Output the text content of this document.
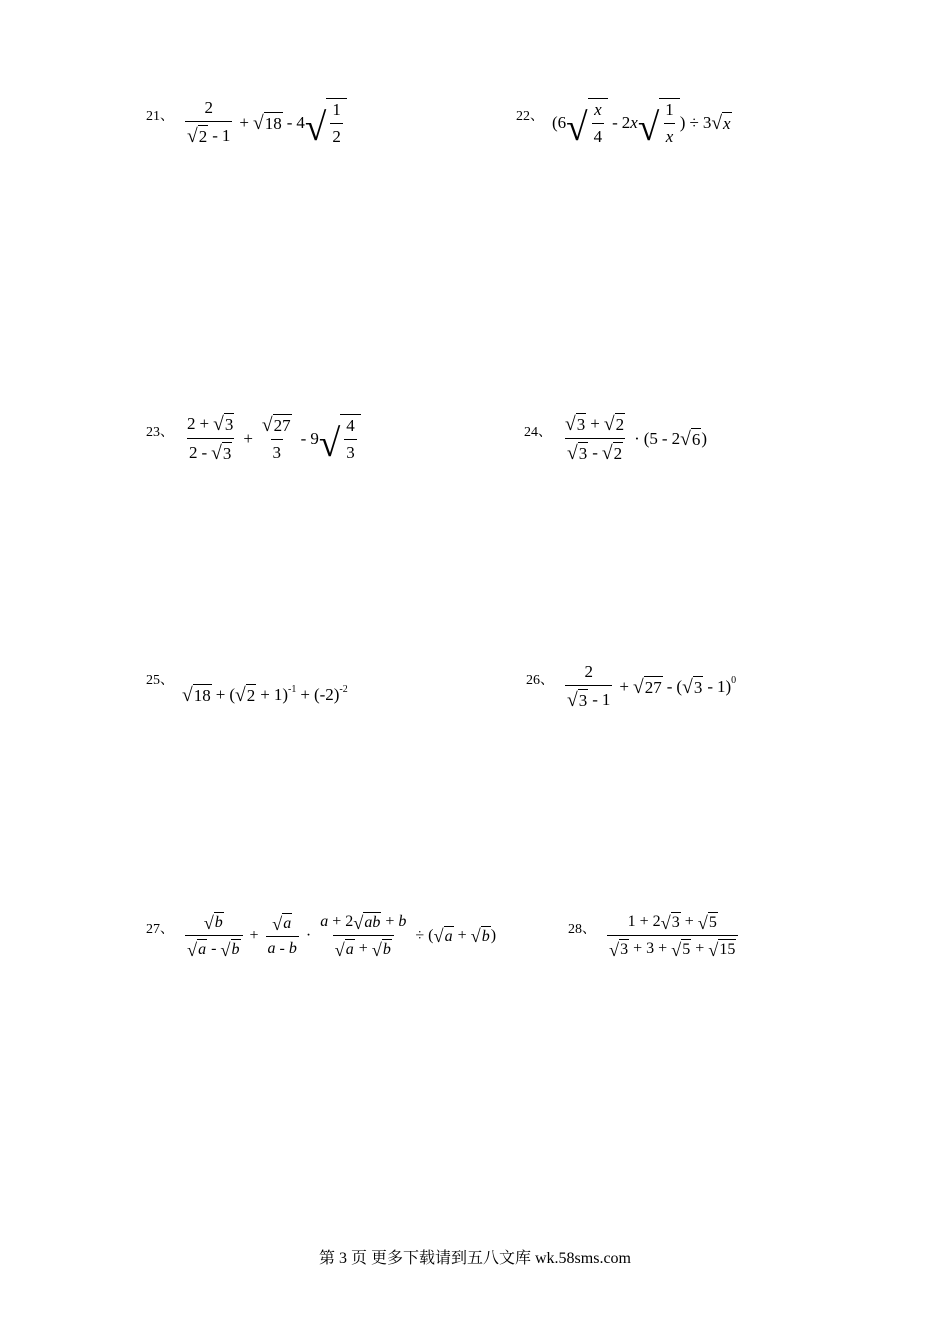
21、 $\frac{2}{√ 2 - 1}$ + √ 18 - 4 √ $\frac{1}{2}$	22、 (6 √ $\frac{x}{4} - 2$ x √ $\frac{1}{x}$ ) ÷ 3 √ x
23、 $\frac{2 + √ 3}{2 - √ 3} + \frac{√ 27}{3} - 9$ √ $\frac{4}{3}$	24、 $\frac{√ 3 + √ 2}{√ 3 - √ 2} \cdot (5 - 2$ √ 6 )
25、
√ 18 + ( √ $2 + 1)^{-1} + (-2)^{-2}$
26、 $\frac{2}{√ 3 - 1}$ + √ 27 - ( √ 3 - 1)$^0$
27、 $\frac{√ b}{√ a - √ b} + \frac{√ a}{a - b} \cdot \frac{a + 2 √ ab + b}{√ a + √ b}$ ÷ ( √ a + √ b )	28、 $\frac{1 + 2 √ 3 + √ 5}{√ 3 + 3 + √ 5 + √ 15}$
第 3 页 更多下载请到五八文库 wk.58sms.com
